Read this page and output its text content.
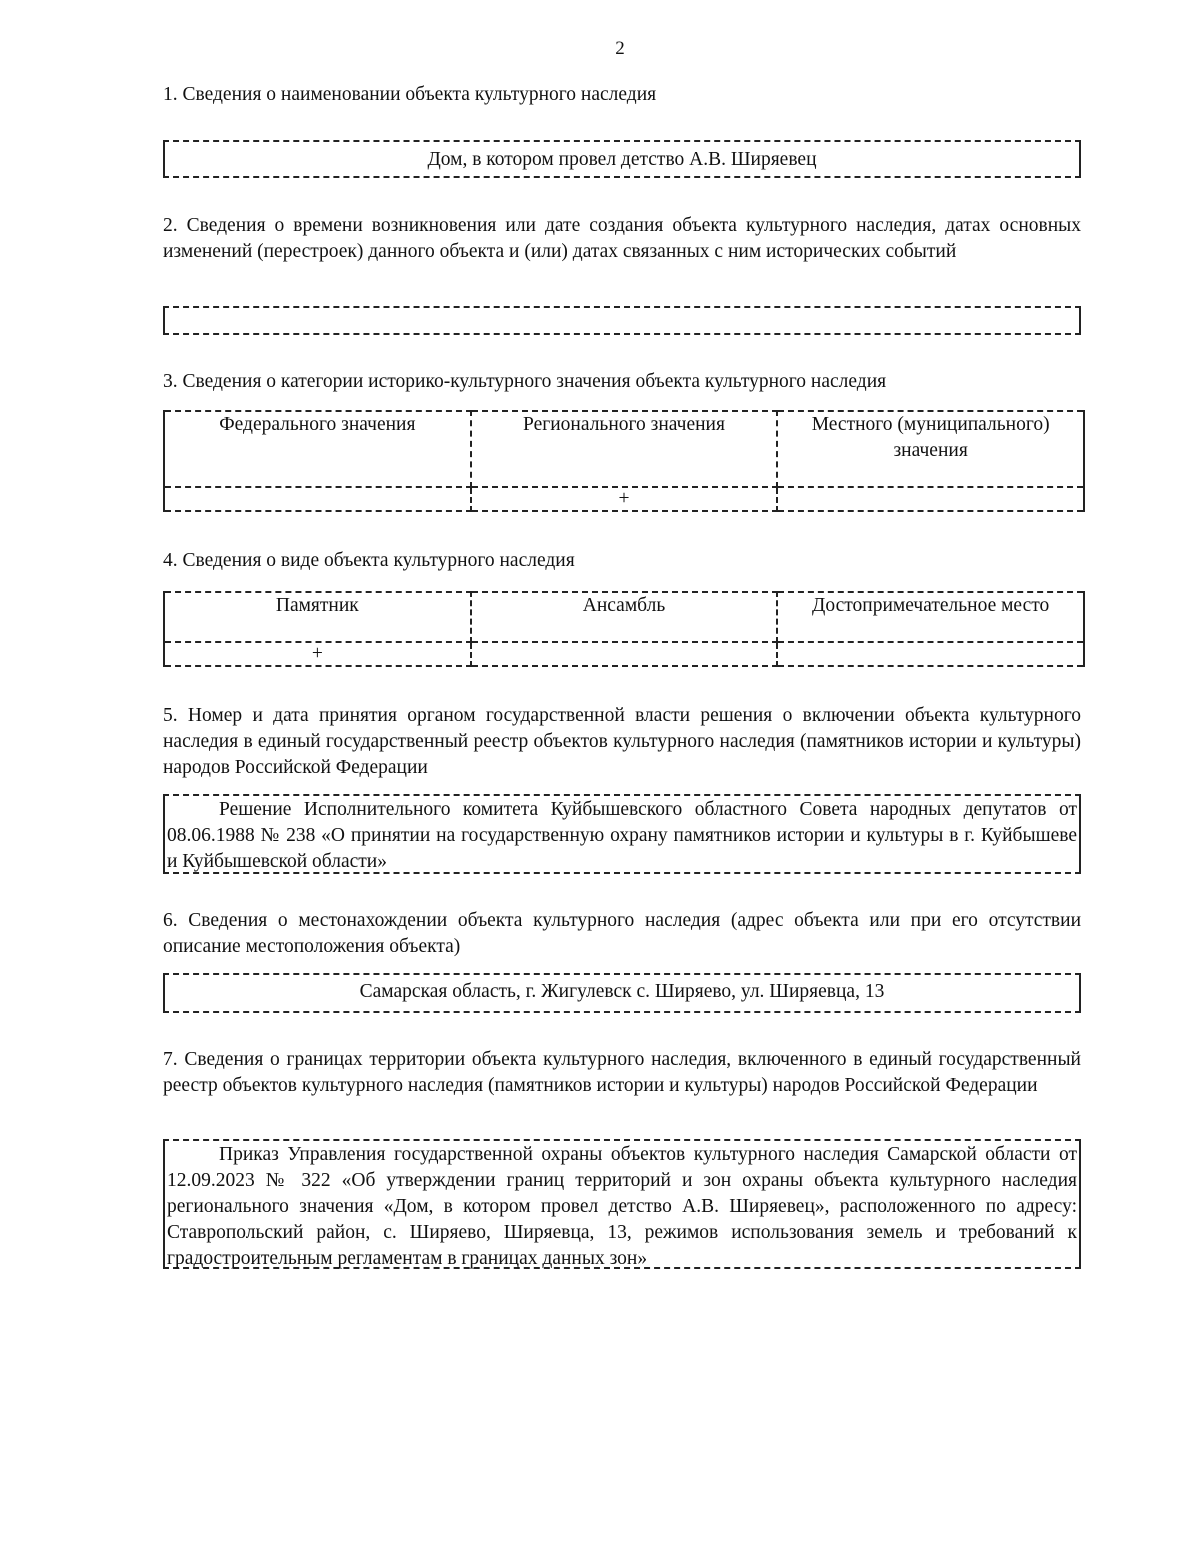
2
1. Сведения о наименовании объекта культурного наследия
Дом, в котором провел детство А.В. Ширяевец
2. Сведения о времени возникновения или дате создания объекта культурного наследия, датах основных изменений (перестроек) данного объекта и (или) датах связанных с ним исторических событий
3. Сведения о категории историко-культурного значения объекта культурного наследия
Федерального значения	Регионального значения	Местного (муниципального) значения
	+	
4. Сведения о виде объекта культурного наследия
Памятник	Ансамбль	Достопримечательное место
+		
5. Номер и дата принятия органом государственной власти решения о включении объекта культурного наследия в единый государственный реестр объектов культурного наследия (памятников истории и культуры) народов Российской Федерации
Решение Исполнительного комитета Куйбышевского областного Совета народных депутатов от 08.06.1988 № 238 «О принятии на государственную охрану памятников истории и культуры в г. Куйбышеве и Куйбышевской области»
6. Сведения о местонахождении объекта культурного наследия (адрес объекта или при его отсутствии описание местоположения объекта)
Самарская область, г. Жигулевск с. Ширяево, ул. Ширяевца, 13
7. Сведения о границах территории объекта культурного наследия, включенного в единый государственный реестр объектов культурного наследия (памятников истории и культуры) народов Российской Федерации
Приказ Управления государственной охраны объектов культурного наследия Самарской области от 12.09.2023 № 322 «Об утверждении границ территорий и зон охраны объекта культурного наследия регионального значения «Дом, в котором провел детство А.В. Ширяевец», расположенного по адресу: Ставропольский район, с. Ширяево, Ширяевца, 13, режимов использования земель и требований к градостроительным регламентам в границах данных зон»
